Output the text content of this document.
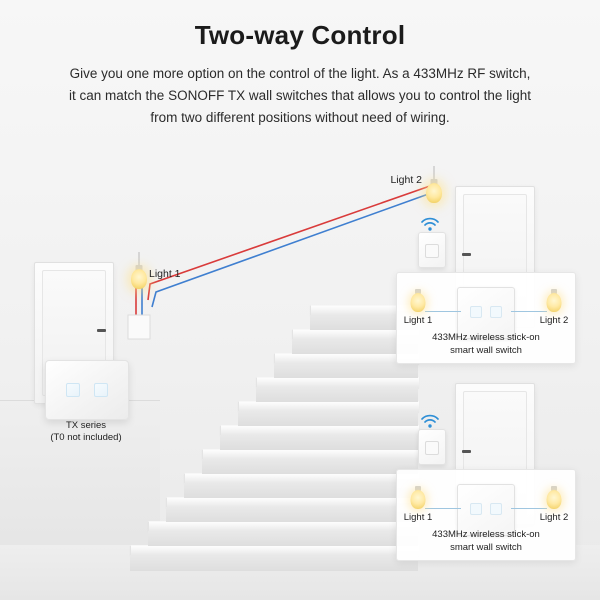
Light 1
Light 2
TX series
(T0 not included)
Light 1	Light 2
433MHz wireless stick-on
smart wall switch
Light 1	Light 2
433MHz wireless stick-on
smart wall switch
Two-way Control

Give you one more option on the control of the light. As a 433MHz RF switch, it can match the SONOFF TX wall switches that allows you to control the light from two different positions without need of wiring.
